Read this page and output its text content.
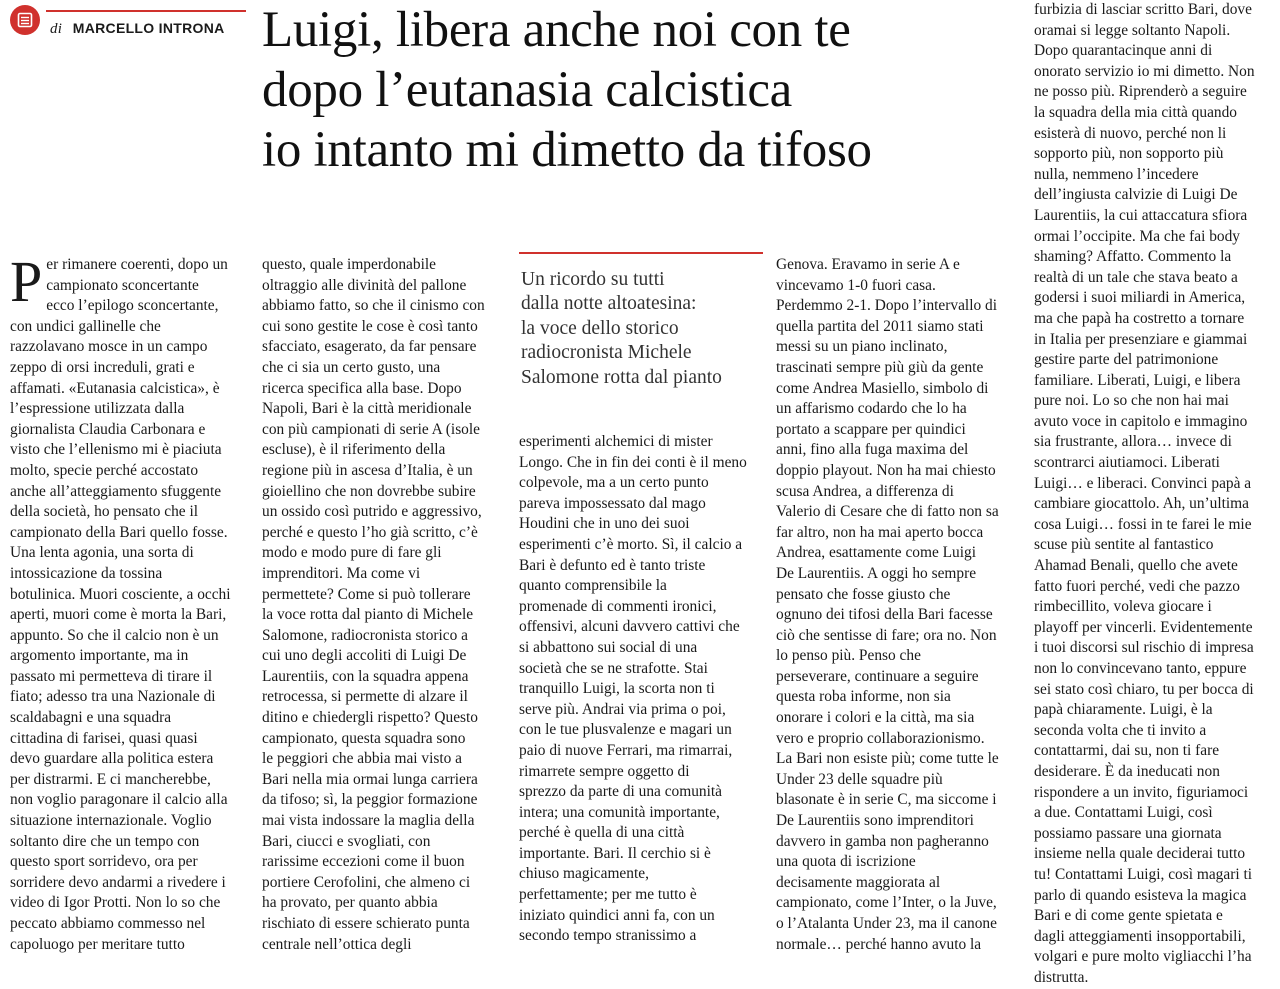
di MARCELLO INTRONA Luigi, libera anche noi con te
dopo l’eutanasia calcistica
io intanto mi dimetto da tifoso
P er rimanere coerenti, dopo un
campionato sconcertante
ecco l’epilogo sconcertante,
con undici gallinelle che
razzolavano mosce in un campo
zeppo di orsi increduli, grati e
affamati. «Eutanasia calcistica», è
l’espressione utilizzata dalla
giornalista Claudia Carbonara e
visto che l’ellenismo mi è piaciuta
molto, specie perché accostato
anche all’atteggiamento sfuggente
della società, ho pensato che il
campionato della Bari quello fosse.
Una lenta agonia, una sorta di
intossicazione da tossina
botulinica. Muori cosciente, a occhi
aperti, muori come è morta la Bari,
appunto. So che il calcio non è un
argomento importante, ma in
passato mi permetteva di tirare il
fiato; adesso tra una Nazionale di
scaldabagni e una squadra
cittadina di farisei, quasi quasi
devo guardare alla politica estera
per distrarmi. E ci mancherebbe,
non voglio paragonare il calcio alla
situazione internazionale. Voglio
soltanto dire che un tempo con
questo sport sorridevo, ora per
sorridere devo andarmi a rivedere i
video di Igor Protti. Non lo so che
peccato abbiamo commesso nel
capoluogo per meritare tutto

questo, quale imperdonabile
oltraggio alle divinità del pallone
abbiamo fatto, so che il cinismo con
cui sono gestite le cose è così tanto
sfacciato, esagerato, da far pensare
che ci sia un certo gusto, una
ricerca specifica alla base. Dopo
Napoli, Bari è la città meridionale
con più campionati di serie A (isole
escluse), è il riferimento della
regione più in ascesa d’Italia, è un
gioiellino che non dovrebbe subire
un ossido così putrido e aggressivo,
perché e questo l’ho già scritto, c’è
modo e modo pure di fare gli
imprenditori. Ma come vi
permettete? Come si può tollerare
la voce rotta dal pianto di Michele
Salomone, radiocronista storico a
cui uno degli accoliti di Luigi De
Laurentiis, con la squadra appena
retrocessa, si permette di alzare il
ditino e chiedergli rispetto? Questo
campionato, questa squadra sono
le peggiori che abbia mai visto a
Bari nella mia ormai lunga carriera
da tifoso; sì, la peggior formazione
mai vista indossare la maglia della
Bari, ciucci e svogliati, con
rarissime eccezioni come il buon
portiere Cerofolini, che almeno ci
ha provato, per quanto abbia
rischiato di essere schierato punta
centrale nell’ottica degli

Un ricordo su tutti
dalla notte altoatesina:
la voce dello storico
radiocronista Michele
Salomone rotta dal pianto

esperimenti alchemici di mister
Longo. Che in fin dei conti è il meno
colpevole, ma a un certo punto
pareva impossessato dal mago
Houdini che in uno dei suoi
esperimenti c’è morto. Sì, il calcio a
Bari è defunto ed è tanto triste
quanto comprensibile la
promenade di commenti ironici,
offensivi, alcuni davvero cattivi che
si abbattono sui social di una
società che se ne strafotte. Stai
tranquillo Luigi, la scorta non ti
serve più. Andrai via prima o poi,
con le tue plusvalenze e magari un
paio di nuove Ferrari, ma rimarrai,
rimarrete sempre oggetto di
sprezzo da parte di una comunità
intera; una comunità importante,
perché è quella di una città
importante. Bari. Il cerchio si è
chiuso magicamente,
perfettamente; per me tutto è
iniziato quindici anni fa, con un
secondo tempo stranissimo a

Genova. Eravamo in serie A e
vincevamo 1-0 fuori casa.
Perdemmo 2-1. Dopo l’intervallo di
quella partita del 2011 siamo stati
messi su un piano inclinato,
trascinati sempre più giù da gente
come Andrea Masiello, simbolo di
un affarismo codardo che lo ha
portato a scappare per quindici
anni, fino alla fuga maxima del
doppio playout. Non ha mai chiesto
scusa Andrea, a differenza di
Valerio di Cesare che di fatto non sa
far altro, non ha mai aperto bocca
Andrea, esattamente come Luigi
De Laurentiis. A oggi ho sempre
pensato che fosse giusto che
ognuno dei tifosi della Bari facesse
ciò che sentisse di fare; ora no. Non
lo penso più. Penso che
perseverare, continuare a seguire
questa roba informe, non sia
onorare i colori e la città, ma sia
vero e proprio collaborazionismo.
La Bari non esiste più; come tutte le
Under 23 delle squadre più
blasonate è in serie C, ma siccome i
De Laurentiis sono imprenditori
davvero in gamba non pagheranno
una quota di iscrizione
decisamente maggiorata al
campionato, come l’Inter, o la Juve,
o l’Atalanta Under 23, ma il canone
normale… perché hanno avuto la

furbizia di lasciar scritto Bari, dove
oramai si legge soltanto Napoli.
Dopo quarantacinque anni di
onorato servizio io mi dimetto. Non
ne posso più. Riprenderò a seguire
la squadra della mia città quando
esisterà di nuovo, perché non li
sopporto più, non sopporto più
nulla, nemmeno l’incedere
dell’ingiusta calvizie di Luigi De
Laurentiis, la cui attaccatura sfiora
ormai l’occipite. Ma che fai body
shaming? Affatto. Commento la
realtà di un tale che stava beato a
godersi i suoi miliardi in America,
ma che papà ha costretto a tornare
in Italia per presenziare e giammai
gestire parte del patrimonione
familiare. Liberati, Luigi, e libera
pure noi. Lo so che non hai mai
avuto voce in capitolo e immagino
sia frustrante, allora… invece di
scontrarci aiutiamoci. Liberati
Luigi… e liberaci. Convinci papà a
cambiare giocattolo. Ah, un’ultima
cosa Luigi… fossi in te farei le mie
scuse più sentite al fantastico
Ahamad Benali, quello che avete
fatto fuori perché, vedi che pazzo
rimbecillito, voleva giocare i
playoff per vincerli. Evidentemente
i tuoi discorsi sul rischio di impresa
non lo convincevano tanto, eppure
sei stato così chiaro, tu per bocca di
papà chiaramente. Luigi, è la
seconda volta che ti invito a
contattarmi, dai su, non ti fare
desiderare. È da ineducati non
rispondere a un invito, figuriamoci
a due. Contattami Luigi, così
possiamo passare una giornata
insieme nella quale deciderai tutto
tu! Contattami Luigi, così magari ti
parlo di quando esisteva la magica
Bari e di come gente spietata e
dagli atteggiamenti insopportabili,
volgari e pure molto vigliacchi l’ha
distrutta.
